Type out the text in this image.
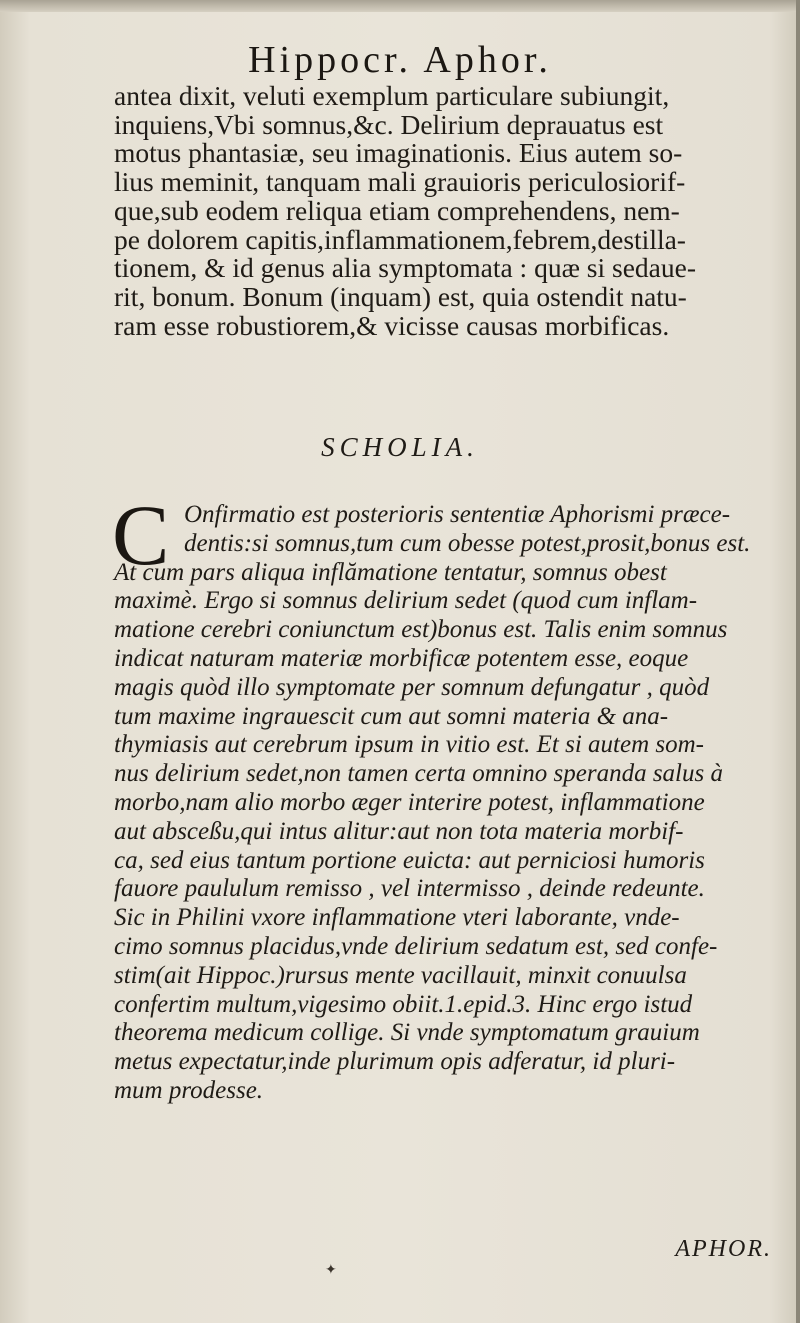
Hippocr. Aphor.
antea dixit, veluti exemplum particulare subiungit,
inquiens,Vbi somnus,&c. Delirium deprauatus est
motus phantasiæ, seu imaginationis. Eius autem so-
lius meminit, tanquam mali grauioris periculosiorif-
que,sub eodem reliqua etiam comprehendens, nem-
pe dolorem capitis,inflammationem,febrem,destilla-
tionem, & id genus alia symptomata : quæ si sedaue-
rit, bonum. Bonum (inquam) est, quia ostendit natu-
ram esse robustiorem,& vicisse causas morbificas.
SCHOLIA.
C Onfirmatio est posterioris sententiæ Aphorismi præce-
dentis:si somnus,tum cum obesse potest,prosit,bonus est.
At cum pars aliqua inflămatione tentatur, somnus obest
maximè. Ergo si somnus delirium sedet (quod cum inflam-
matione cerebri coniunctum est)bonus est. Talis enim somnus
indicat naturam materiæ morbificæ potentem esse, eoque
magis quòd illo symptomate per somnum defungatur , quòd
tum maxime ingrauescit cum aut somni materia & ana-
thymiasis aut cerebrum ipsum in vitio est. Et si autem som-
nus delirium sedet,non tamen certa omnino speranda salus à
morbo,nam alio morbo æger interire potest, inflammatione
aut absceßu,qui intus alitur:aut non tota materia morbif-
ca, sed eius tantum portione euicta: aut perniciosi humoris
fauore paululum remisso , vel intermisso , deinde redeunte.
Sic in Philini vxore inflammatione vteri laborante, vnde-
cimo somnus placidus,vnde delirium sedatum est, sed confe-
stim(ait Hippoc.)rursus mente vacillauit, minxit conuulsa
confertim multum,vigesimo obiit.1.epid.3. Hinc ergo istud
theorema medicum collige. Si vnde symptomatum grauium
metus expectatur,inde plurimum opis adferatur, id pluri-
mum prodesse.
APHOR.
✦
